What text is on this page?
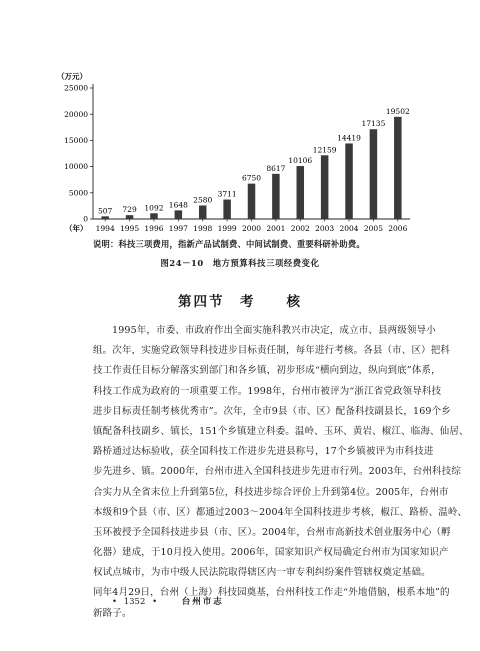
（万元）
0
5000
10000
15000
20000
25000
507 729 1092 1648
2580
3711
6750
8617
10106
12159
14419
17135
19502
1994 1995 1996 1997 1998 1999 2000 2001 2002 2003 2004 2005 2006
（年）
说明：科技三项费用，指新产品试制费、中间试制费、重要科研补助费。
图24－10　地方预算科技三项经费变化
第四节　考　　核
1995年，市委、市政府作出全面实施科教兴市决定，成立市、县两级领导小
组。次年，实施党政领导科技进步目标责任制，每年进行考核。各县（市、区）把科
技工作责任目标分解落实到部门和各乡镇，初步形成“横向到边，纵向到底”体系，
科技工作成为政府的一项重要工作。1998年，台州市被评为“浙江省党政领导科技
进步目标责任制考核优秀市”。次年，全市9县（市、区）配备科技副县长，169个乡
镇配备科技副乡、镇长，151个乡镇建立科委。温岭、玉环、黄岩、椒江、临海、仙居、
路桥通过达标验收，获全国科技工作进步先进县称号，17个乡镇被评为市科技进
步先进乡、镇。2000年，台州市进入全国科技进步先进市行列。2003年，台州科技综
合实力从全省末位上升到第5位，科技进步综合评价上升到第4位。2005年，台州市
本级和9个县（市、区）都通过2003～2004年全国科技进步考核，椒江、路桥、温岭、
玉环被授予全国科技进步县（市、区）。2004年，台州市高新技术创业服务中心（孵
化器）建成，于10月投入使用。2006年，国家知识产权局确定台州市为国家知识产
权试点城市，为市中级人民法院取得辖区内一审专利纠纷案件管辖权奠定基础。
同年4月29日，台州（上海）科技园奠基，台州科技工作走“外地借脑，根系本地”的
新路子。
• 1352 •	台州市志
